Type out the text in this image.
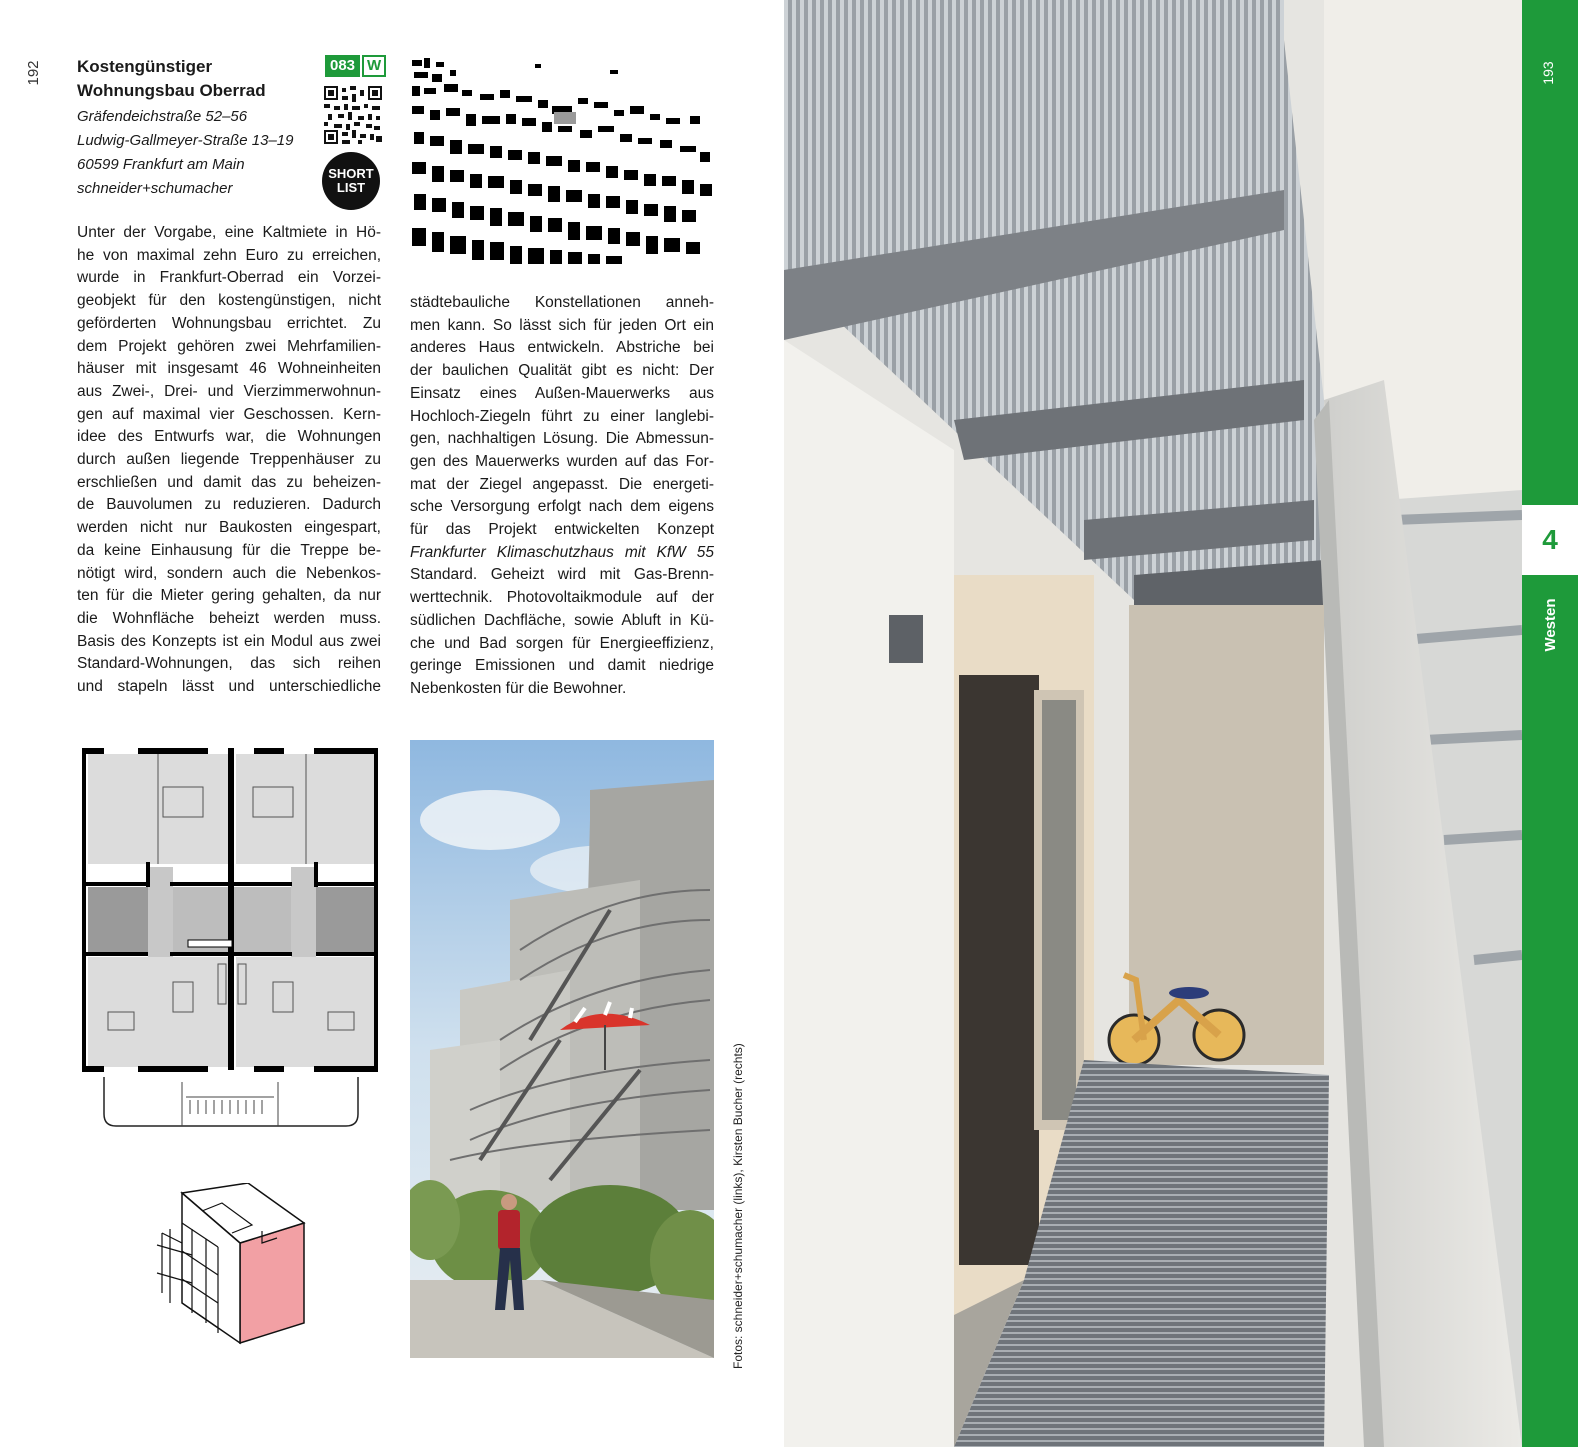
192	Kostengünstiger
Wohnungsbau Oberrad
Gräfendeichstraße 52–56
Ludwig-Gallmeyer-Straße 13–19
60599 Frankfurt am Main
schneider+schumacher
083 W
SHORT
LIST
Unter der Vorgabe, eine Kaltmiete in Hö-
he von maximal zehn Euro zu erreichen,
wurde in Frankfurt-Oberrad ein Vorzei-
geobjekt für den kostengünstigen, nicht
geförderten Wohnungsbau errichtet. Zu
dem Projekt gehören zwei Mehrfamilien-
häuser mit insgesamt 46 Wohneinheiten
aus Zwei-, Drei- und Vierzimmerwohnun-
gen auf maximal vier Geschossen. Kern-
idee des Entwurfs war, die Wohnungen
durch außen liegende Treppenhäuser zu
erschließen und damit das zu beheizen-
de Bauvolumen zu reduzieren. Dadurch
werden nicht nur Baukosten eingespart,
da keine Einhausung für die Treppe be-
nötigt wird, sondern auch die Nebenkos-
ten für die Mieter gering gehalten, da nur
die Wohnfläche beheizt werden muss.
Basis des Konzepts ist ein Modul aus zwei
Standard-Wohnungen, das sich reihen
und stapeln lässt und unterschiedliche
städtebauliche Konstellationen anneh-
men kann. So lässt sich für jeden Ort ein
anderes Haus entwickeln. Abstriche bei
der baulichen Qualität gibt es nicht: Der
Einsatz eines Außen-Mauerwerks aus
Hochloch-Ziegeln führt zu einer langlebi-
gen, nachhaltigen Lösung. Die Abmessun-
gen des Mauerwerks wurden auf das For-
mat der Ziegel angepasst. Die energeti-
sche Versorgung erfolgt nach dem eigens
für das Projekt entwickelten Konzept
Frankfurter Klimaschutzhaus mit KfW 55
Standard. Geheizt wird mit Gas-Brenn-
werttechnik. Photovoltaikmodule auf der
südlichen Dachfläche, sowie Abluft in Kü-
che und Bad sorgen für Energieeffizienz,
geringe Emissionen und damit niedrige
Nebenkosten für die Bewohner.
Fotos: schneider+schumacher (links), Kirsten Bucher (rechts)
193
4
Westen
